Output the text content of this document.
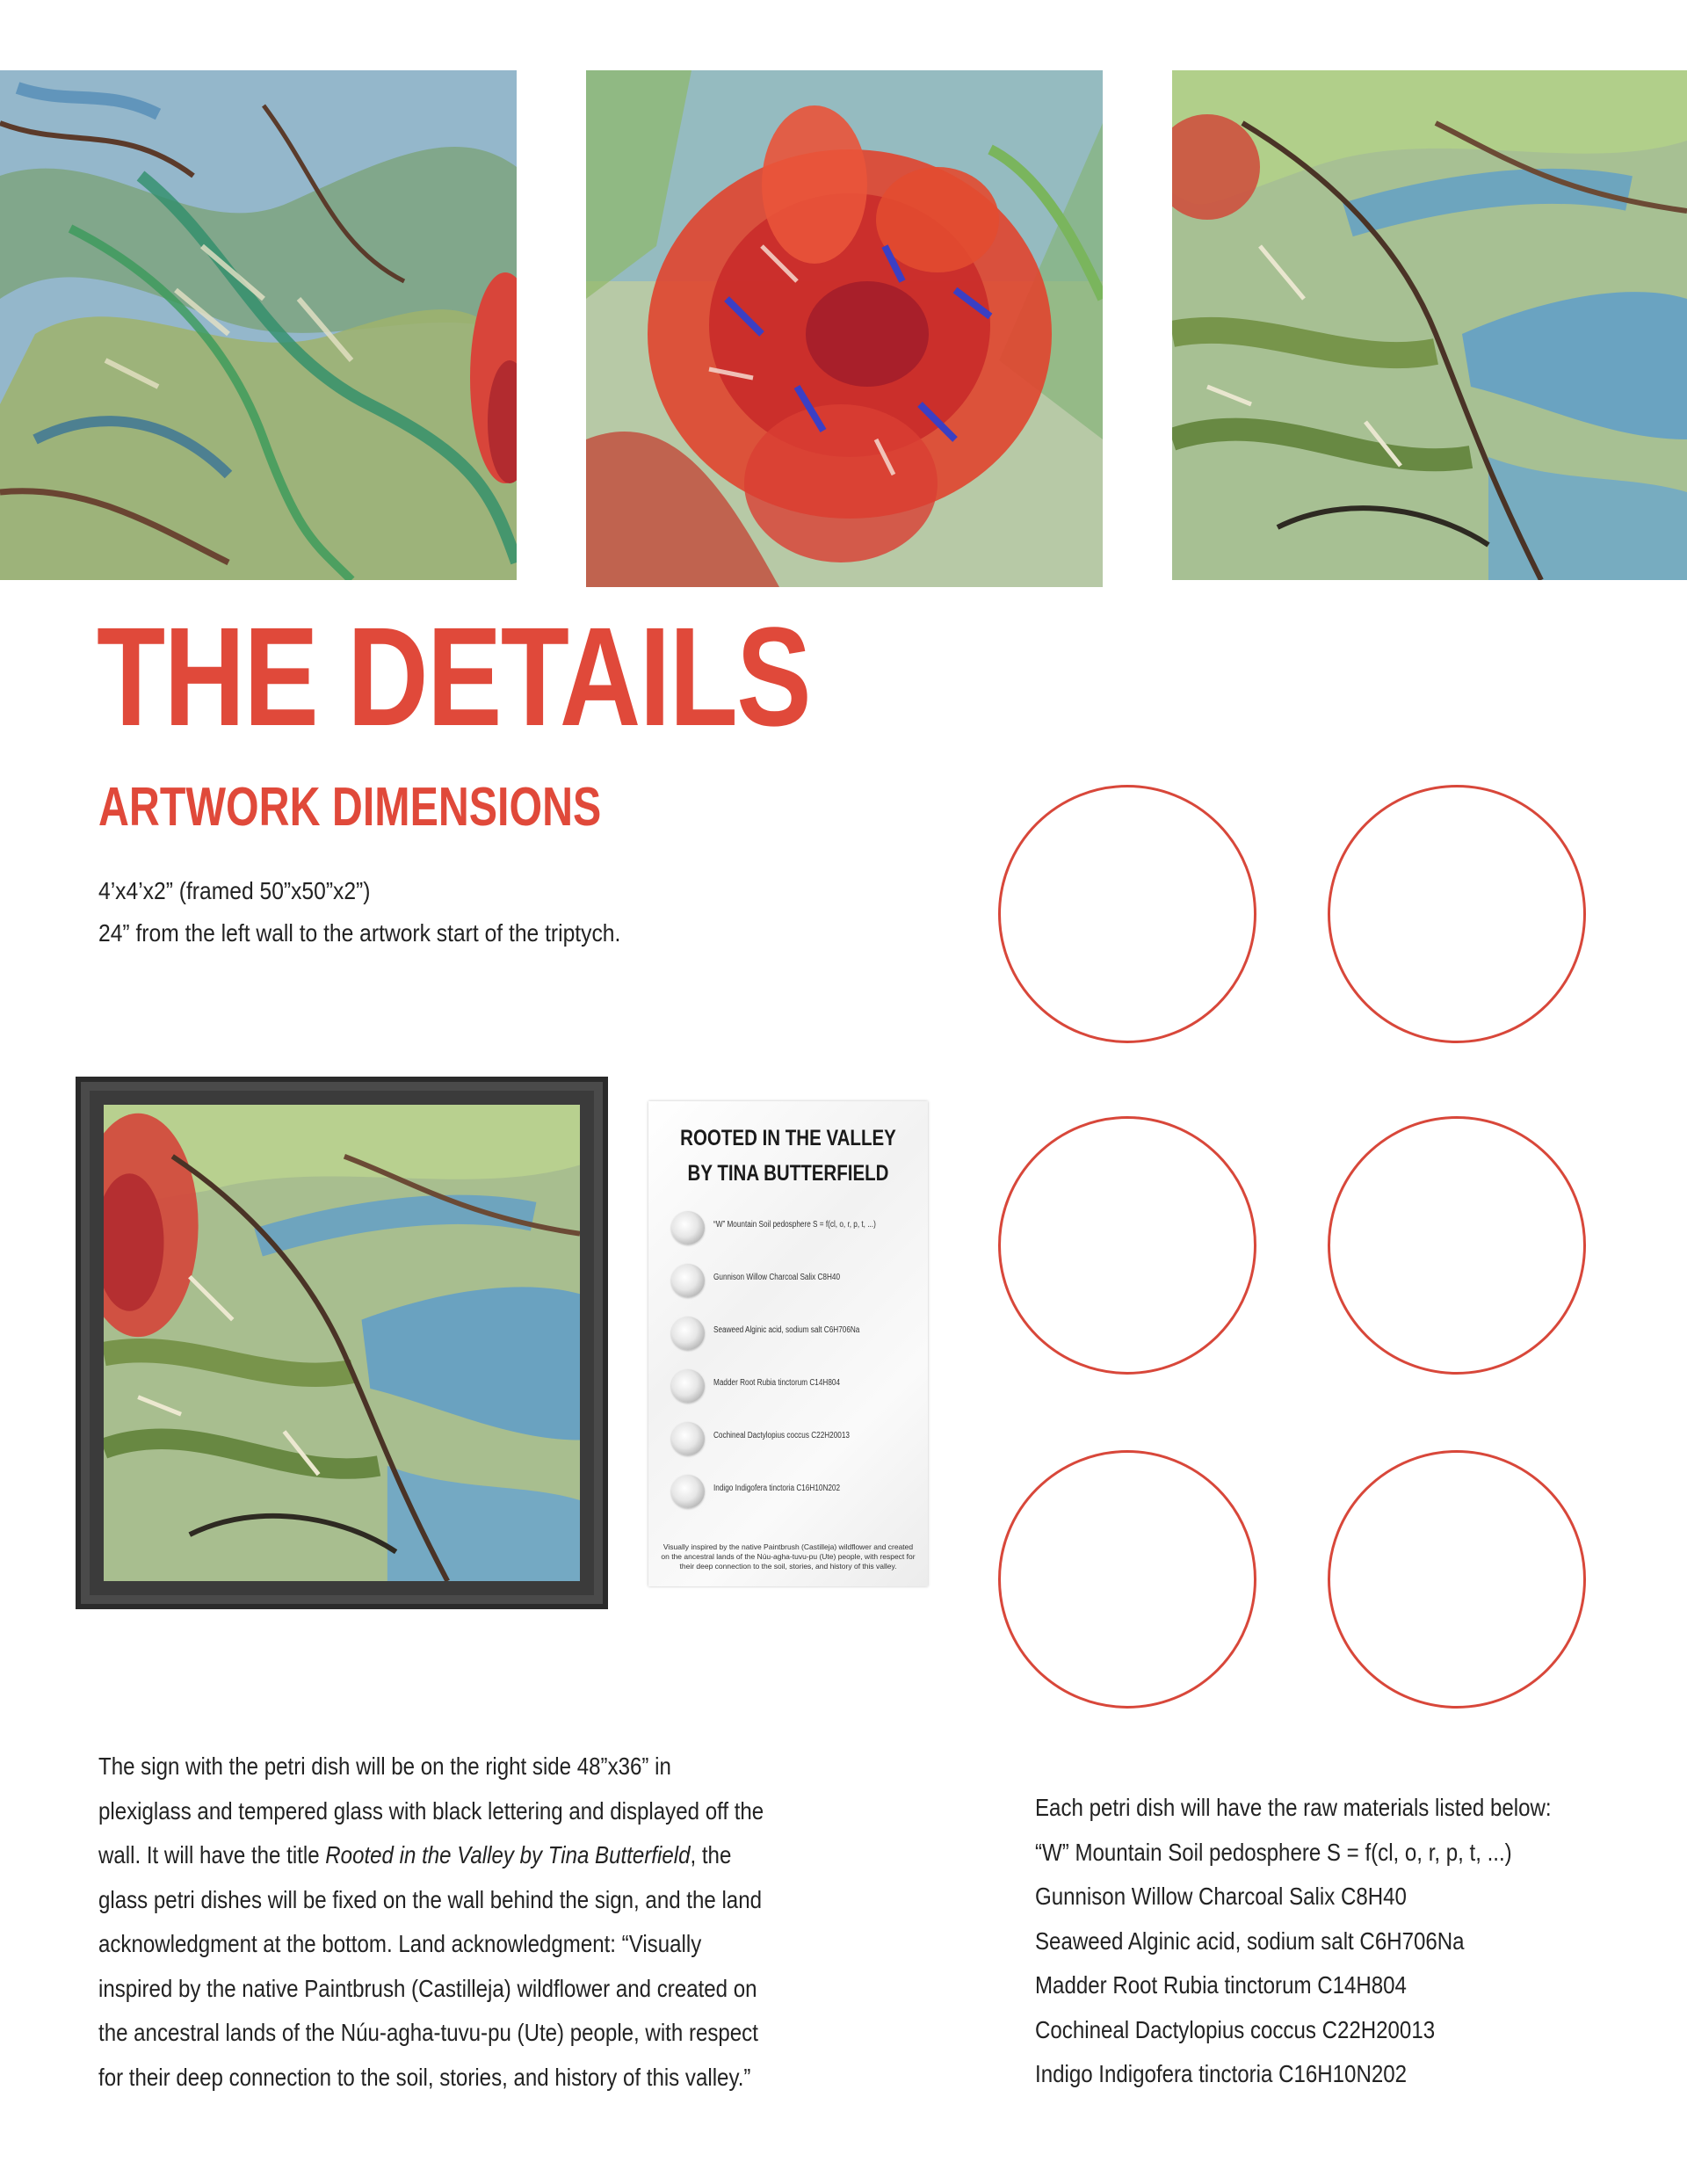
THE DETAILS
ARTWORK DIMENSIONS
4’x4’x2” (framed 50”x50”x2”)
24” from the left wall to the artwork start of the triptych.
ROOTED IN THE VALLEY
BY TINA BUTTERFIELD
“W” Mountain Soil pedosphere S = f(cl, o, r, p, t, ...)
Gunnison Willow Charcoal Salix C8H40
Seaweed Alginic acid, sodium salt C6H706Na
Madder Root Rubia tinctorum C14H804
Cochineal Dactylopius coccus C22H20013
Indigo Indigofera tinctoria C16H10N202
Visually inspired by the native Paintbrush (Castilleja) wildflower and created on the ancestral lands of the Núu-agha-tuvu-pu (Ute) people, with respect for their deep connection to the soil, stories, and history of this valley.

The sign with the petri dish will be on the right side 48”x36” in

plexiglass and tempered glass with black lettering and displayed off the

wall. It will have the title Rooted in the Valley by Tina Butterfield, the

glass petri dishes will be fixed on the wall behind the sign, and the land

acknowledgment at the bottom. Land acknowledgment: “Visually

inspired by the native Paintbrush (Castilleja) wildflower and created on

the ancestral lands of the Núu-agha-tuvu-pu (Ute) people, with respect

for their deep connection to the soil, stories, and history of this valley.”

Each petri dish will have the raw materials listed below:
“W” Mountain Soil pedosphere S = f(cl, o, r, p, t, ...)
Gunnison Willow Charcoal Salix C8H40
Seaweed Alginic acid, sodium salt C6H706Na
Madder Root Rubia tinctorum C14H804
Cochineal Dactylopius coccus C22H20013
Indigo Indigofera tinctoria C16H10N202
